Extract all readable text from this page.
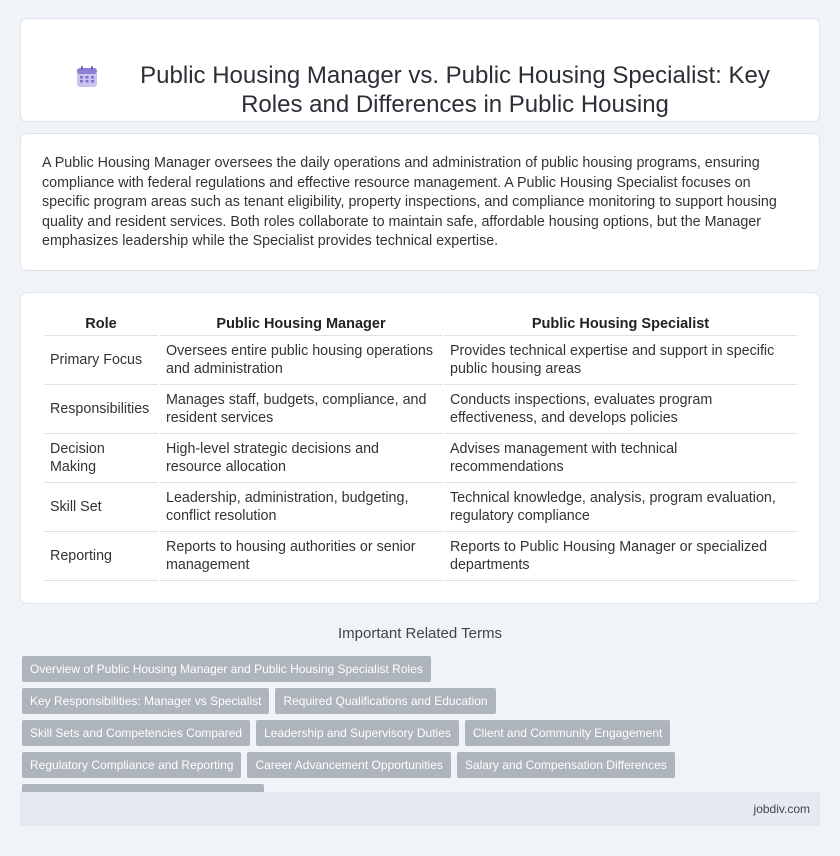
Public Housing Manager vs. Public Housing Specialist: Key Roles and Differences in Public Housing

A Public Housing Manager oversees the daily operations and administration of public housing programs, ensuring compliance with federal regulations and effective resource management. A Public Housing Specialist focuses on specific program areas such as tenant eligibility, property inspections, and compliance monitoring to support housing quality and resident services. Both roles collaborate to maintain safe, affordable housing options, but the Manager emphasizes leadership while the Specialist provides technical expertise.

Role	Public Housing Manager	Public Housing Specialist
Primary Focus	Oversees entire public housing operations and administration	Provides technical expertise and support in specific public housing areas
Responsibilities	Manages staff, budgets, compliance, and resident services	Conducts inspections, evaluates program effectiveness, and develops policies
Decision Making	High-level strategic decisions and resource allocation	Advises management with technical recommendations
Skill Set	Leadership, administration, budgeting, conflict resolution	Technical knowledge, analysis, program evaluation, regulatory compliance
Reporting	Reports to housing authorities or senior management	Reports to Public Housing Manager or specialized departments
Important Related Terms
Overview of Public Housing Manager and Public Housing Specialist Roles
Key Responsibilities: Manager vs Specialist	Required Qualifications and Education
Skill Sets and Competencies Compared	Leadership and Supervisory Duties	Client and Community Engagement
Regulatory Compliance and Reporting	Career Advancement Opportunities	Salary and Compensation Differences
jobdiv.com
